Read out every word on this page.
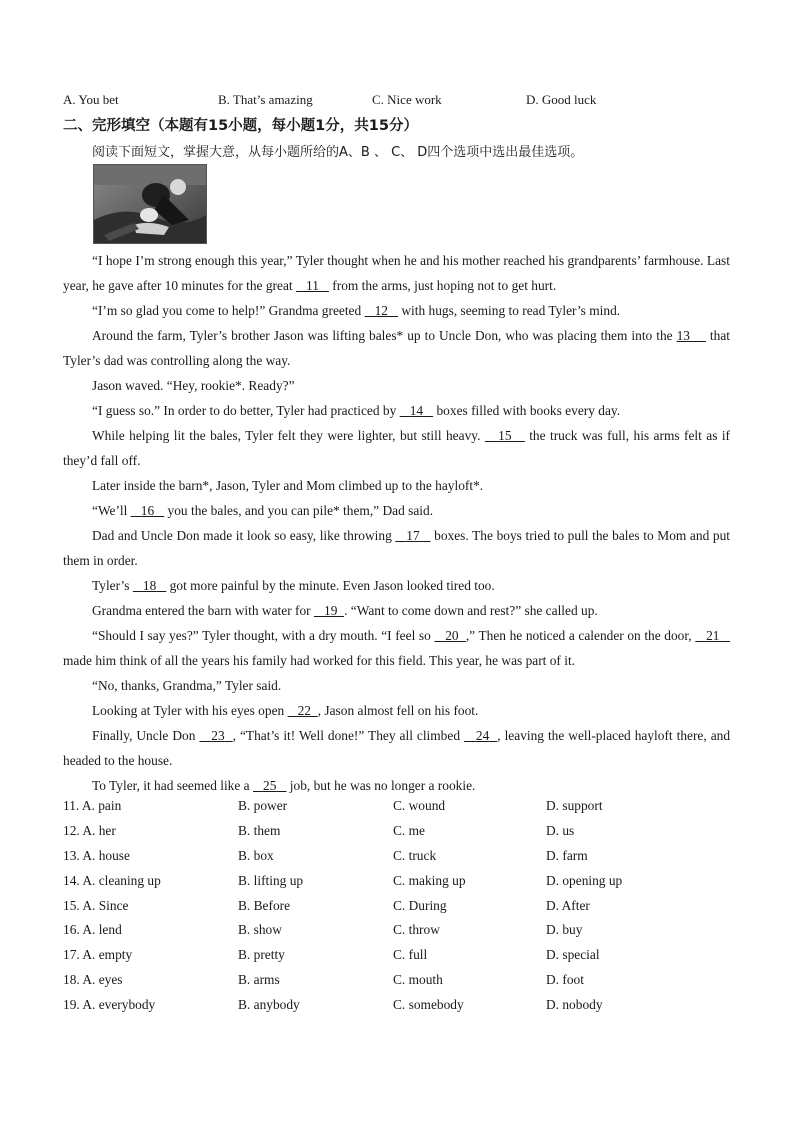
A. You bet	B. That’s amazing	C. Nice work	D. Good luck
二、完形填空（本题有15小题，每小题1分，共15分）
阅读下面短文，掌握大意，从每小题所给的A、B 、 C、 D四个选项中选出最佳选项。

“I hope I’m strong enough this year,” Tyler thought when he and his mother reached his grandparents’ farmhouse. Last year, he gave after 10 minutes for the great    11    from the arms, just hoping not to get hurt.

“I’m so glad you come to help!” Grandma greeted    12    with hugs, seeming to read Tyler’s mind.

Around the farm, Tyler’s brother Jason was lifting bales* up to Uncle Don, who was placing them into the 13     that Tyler’s dad was controlling along the way.

Jason waved. “Hey, rookie*. Ready?”

“I guess so.” In order to do better, Tyler had practiced by    14    boxes filled with books every day.

While helping lit the bales, Tyler felt they were lighter, but still heavy.    15    the truck was full, his arms felt as if they’d fall off.

Later inside the barn*, Jason, Tyler and Mom climbed up to the hayloft*.

“We’ll    16    you the bales, and you can pile* them,” Dad said.

Dad and Uncle Don made it look so easy, like throwing    17    boxes. The boys tried to pull the bales to Mom and put them in order.

Tyler’s    18    got more painful by the minute. Even Jason looked tired too.

Grandma entered the barn with water for    19 . “Want to come down and rest?” she called up.

“Should I say yes?” Tyler thought, with a dry mouth. “I feel so    20 ,” Then he noticed a calender on the door,    21    made him think of all the years his family had worked for this field. This year, he was part of it.

“No, thanks, Grandma,” Tyler said.

Looking at Tyler with his eyes open    22 , Jason almost fell on his foot.

Finally, Uncle Don    23 , “That’s it! Well done!” They all climbed    24 , leaving the well-placed hayloft there, and headed to the house.

To Tyler, it had seemed like a    25    job, but he was no longer a rookie.

11. A. pain	B. power	C. wound	D. support
12. A. her	B. them	C. me	D. us
13. A. house	B. box	C. truck	D. farm
14. A. cleaning up	B. lifting up	C. making up	D. opening up
15. A. Since	B. Before	C. During	D. After
16. A. lend	B. show	C. throw	D. buy
17. A. empty	B. pretty	C. full	D. special
18. A. eyes	B. arms	C. mouth	D. foot
19. A. everybody	B. anybody	C. somebody	D. nobody
